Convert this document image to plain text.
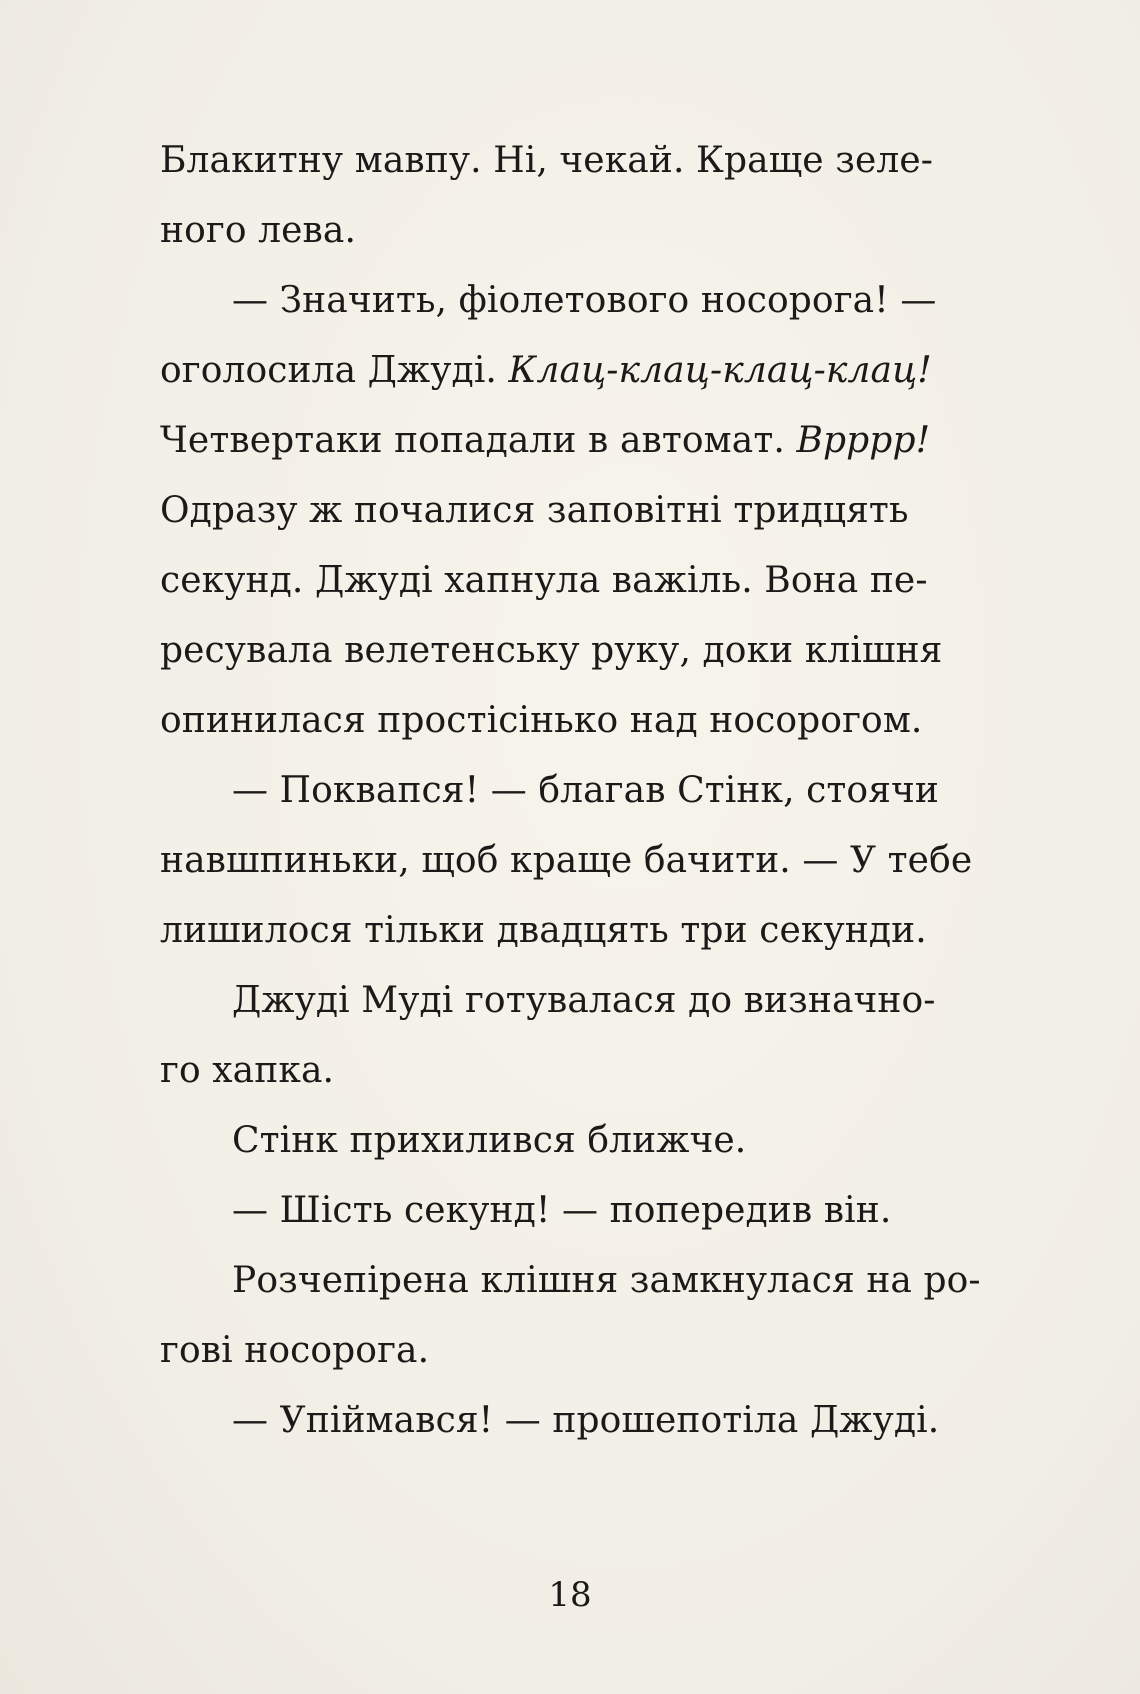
Блакитну мавпу. Ні, чекай. Краще зеле-
ного лева.
— Значить, фіолетового носорога! —
оголосила Джуді. Клац-клац-клац-клац!
Четвертаки попадали в автомат. Врррр!
Одразу ж почалися заповітні тридцять
секунд. Джуді хапнула важіль. Вона пе-
ресувала велетенську руку, доки клішня
опинилася простісінько над носорогом.
— Поквапся! — благав Стінк, стоячи
навшпиньки, щоб краще бачити. — У тебе
лишилося тільки двадцять три секунди.
Джуді Муді готувалася до визначно-
го хапка.
Стінк прихилився ближче.
— Шість секунд! — попередив він.
Розчепірена клішня замкнулася на ро-
гові носорога.
— Упіймався! — прошепотіла Джуді.
18
